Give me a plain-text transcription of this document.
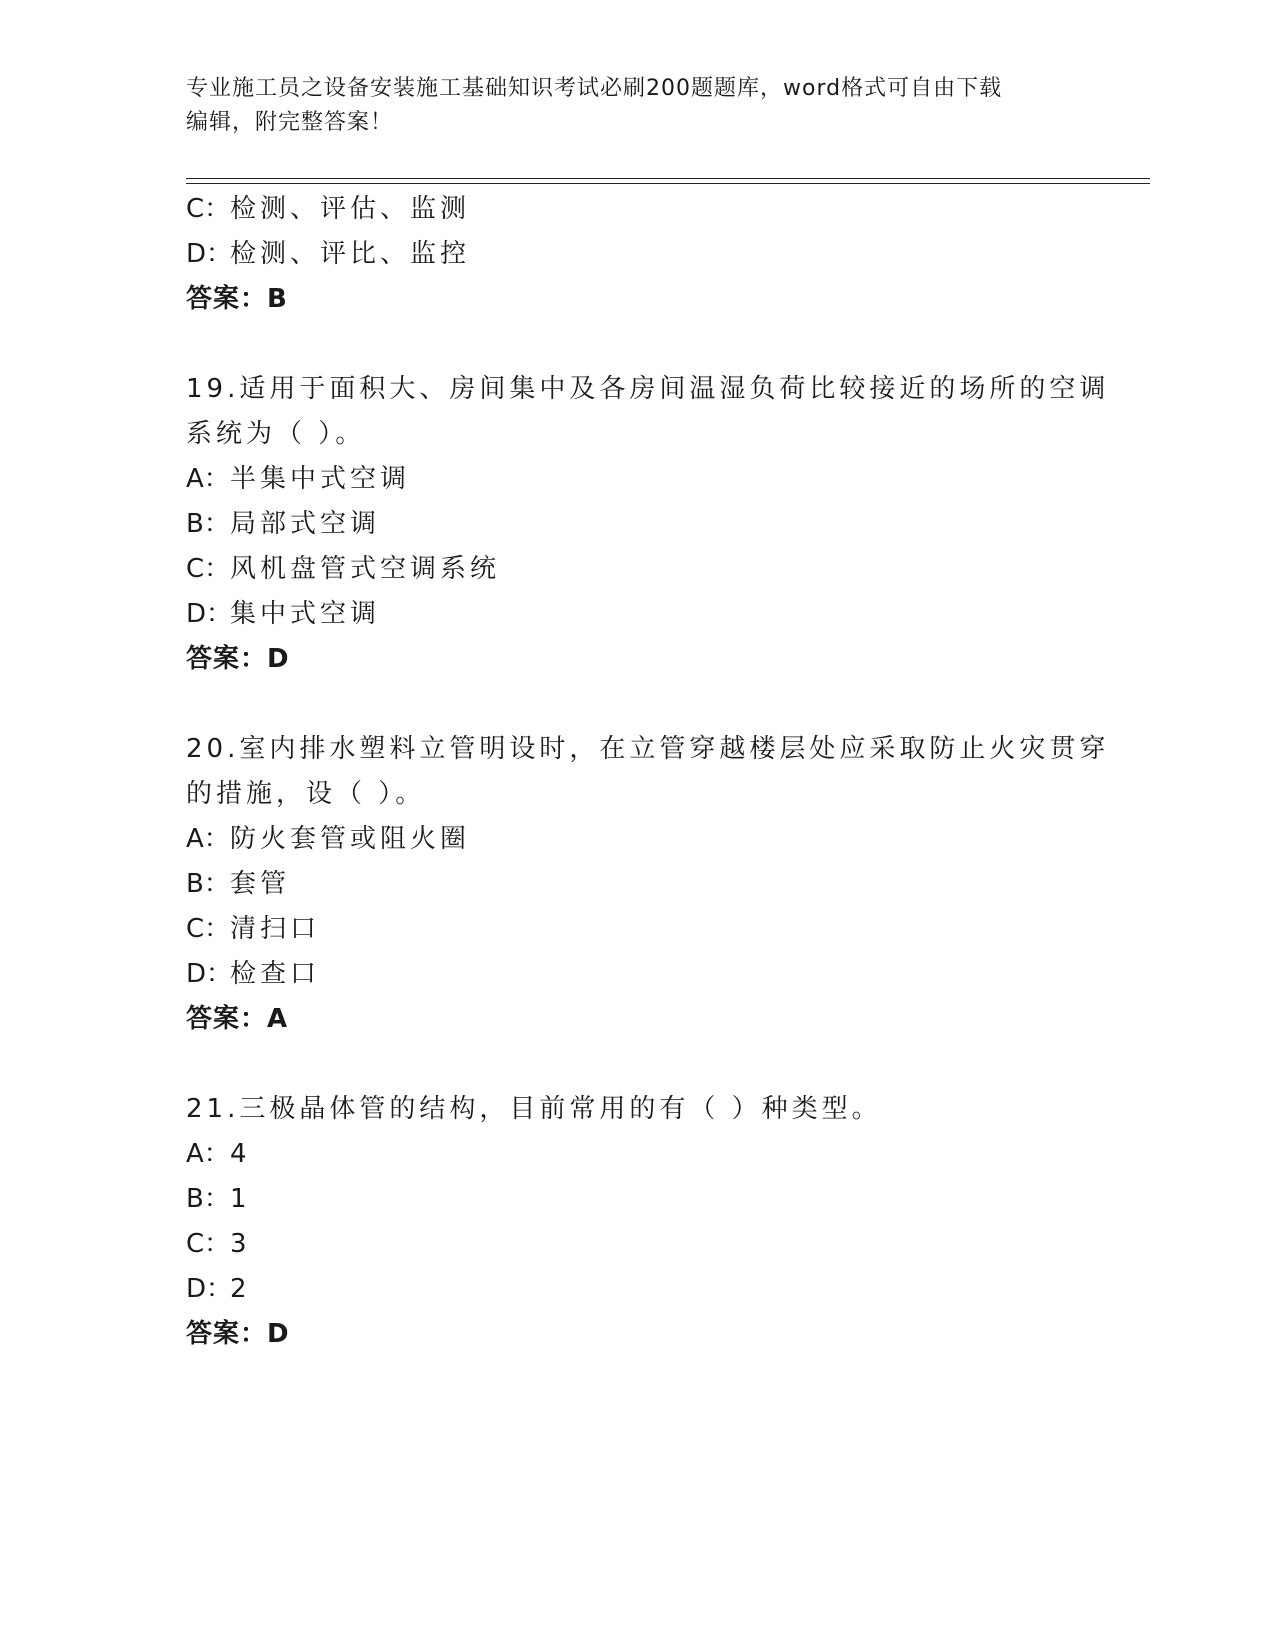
专业施工员之设备安装施工基础知识考试必刷200题题库，word格式可自由下载
编辑，附完整答案！
C：检测、评估、监测
D：检测、评比、监控
答案：B
19.适用于面积大、房间集中及各房间温湿负荷比较接近的场所的空调
系统为（ ）。
A：半集中式空调
B：局部式空调
C：风机盘管式空调系统
D：集中式空调
答案：D
20.室内排水塑料立管明设时，在立管穿越楼层处应采取防止火灾贯穿
的措施，设（ ）。
A：防火套管或阻火圈
B：套管
C：清扫口
D：检查口
答案：A
21.三极晶体管的结构，目前常用的有（ ）种类型。
A：4
B：1
C：3
D：2
答案：D
